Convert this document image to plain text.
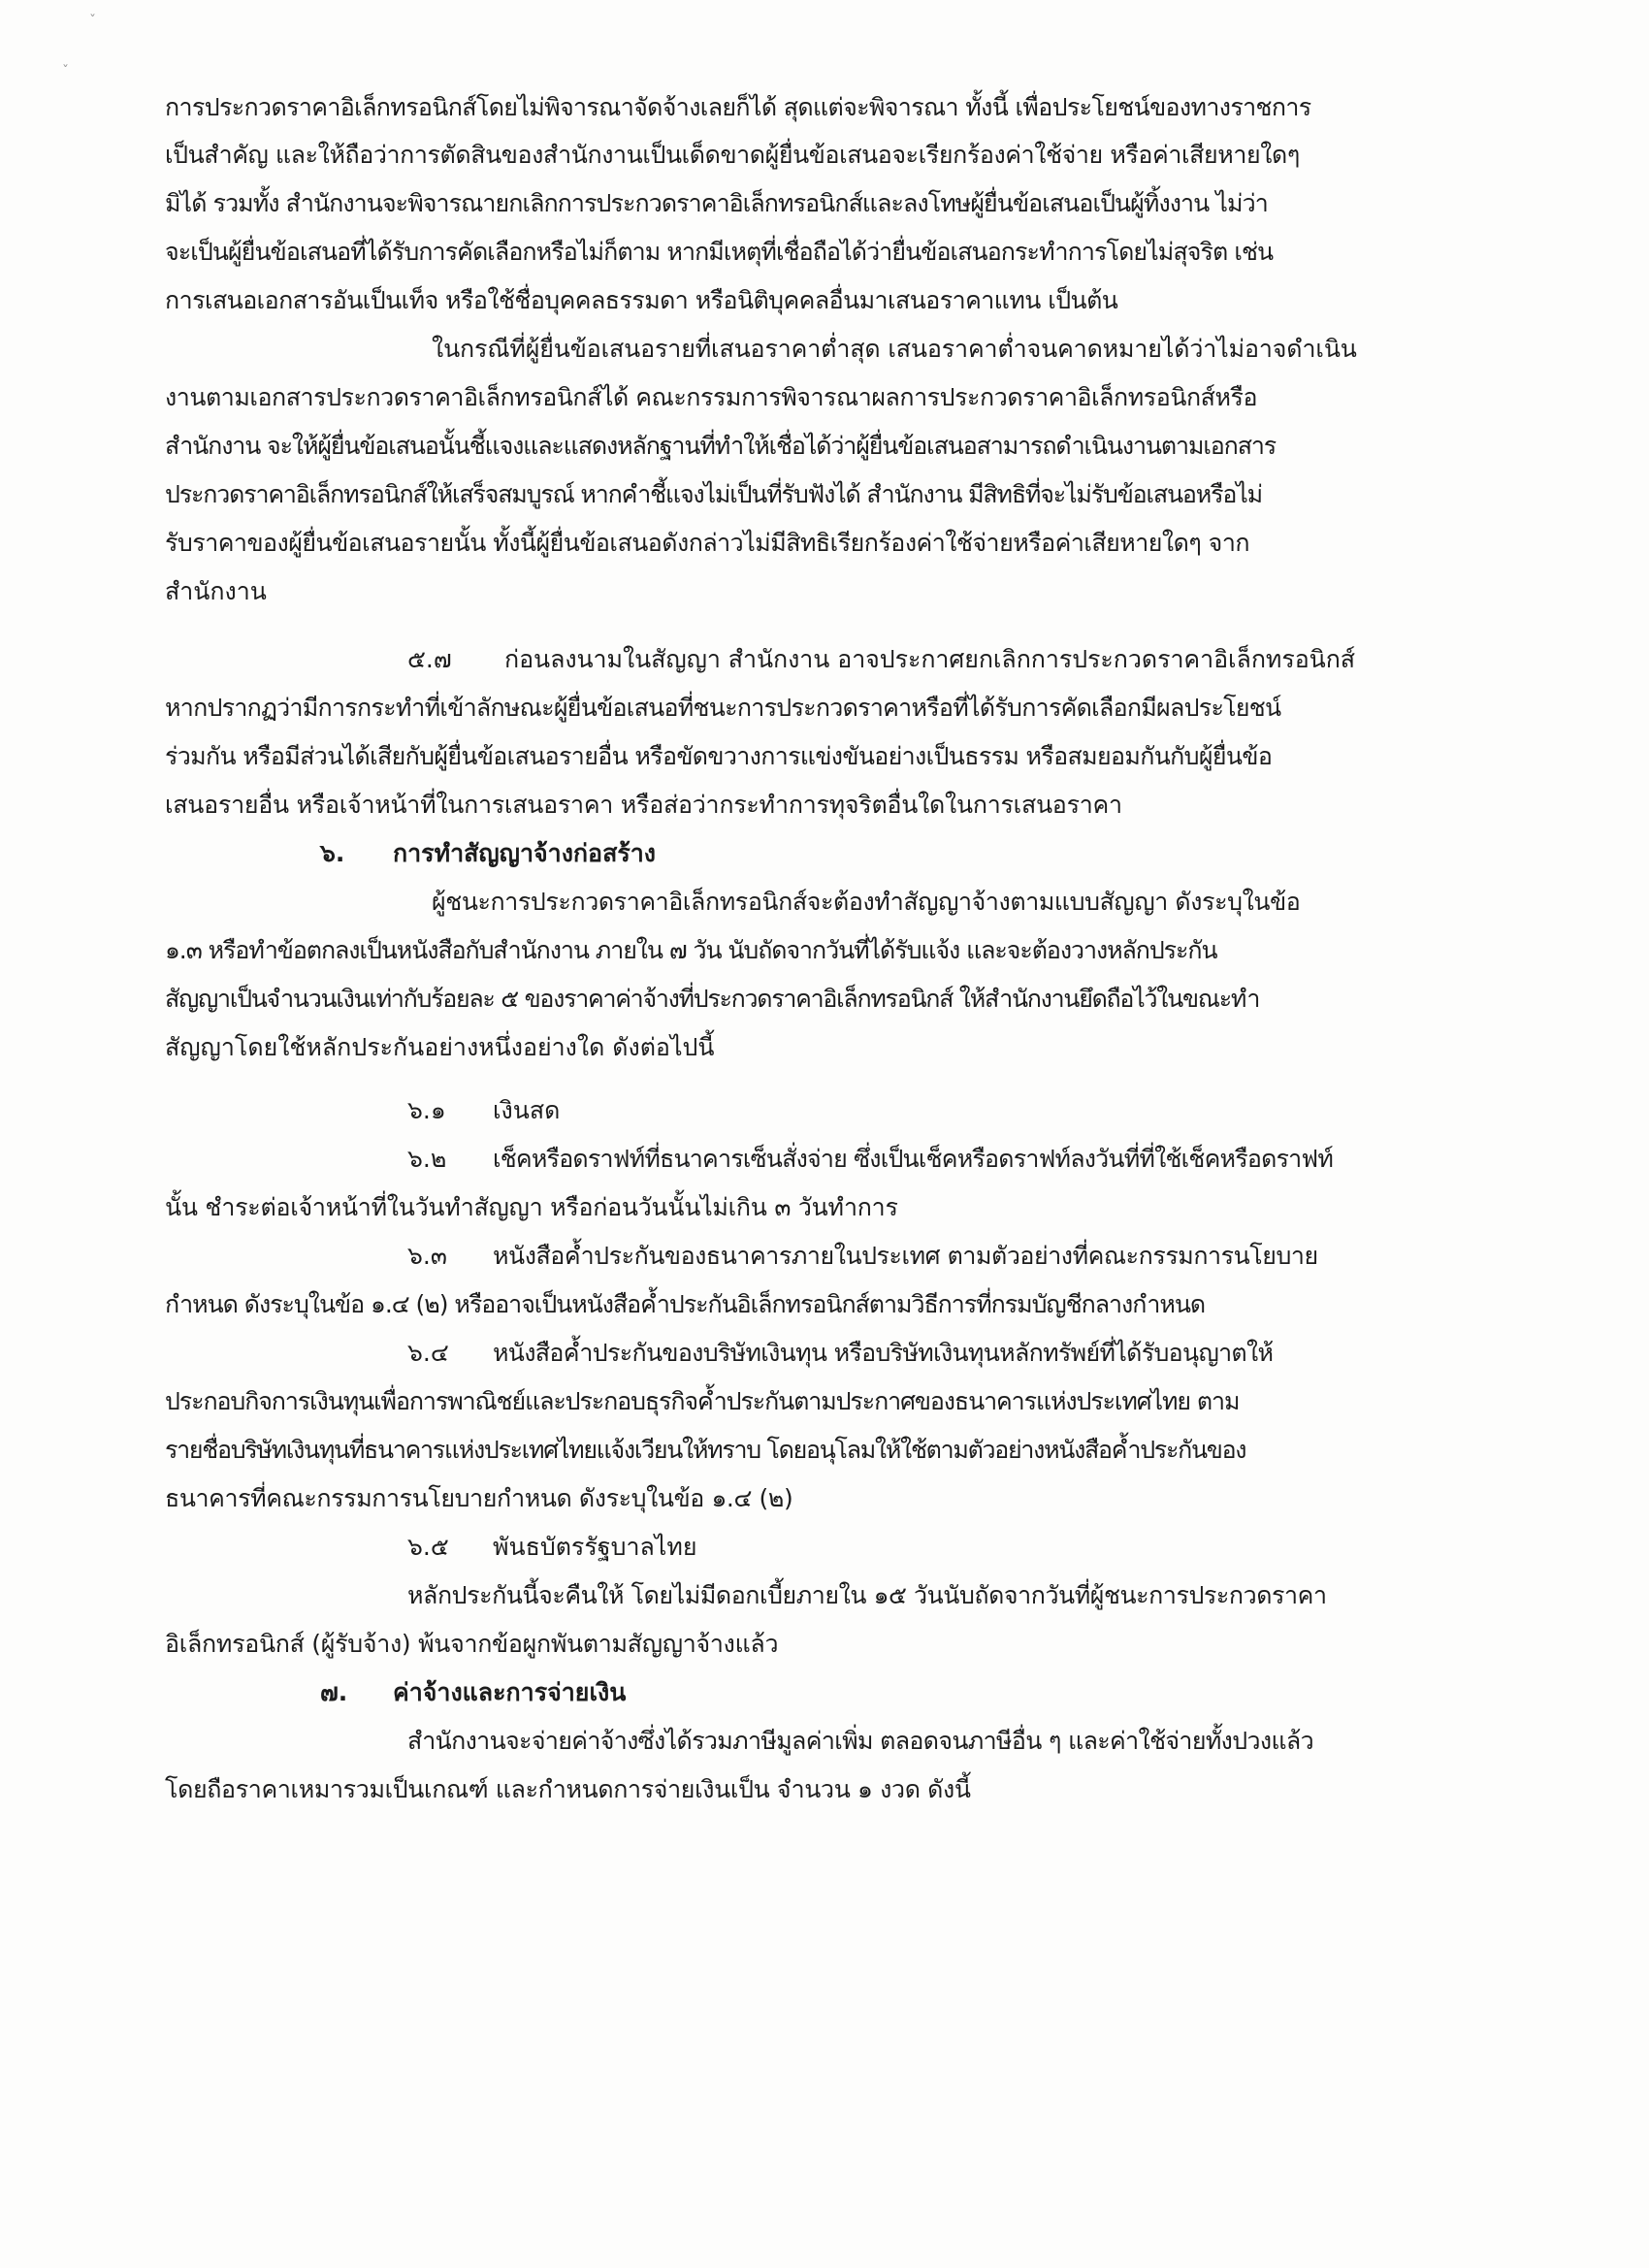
ˇ
ˇ
การประกวดราคาอิเล็กทรอนิกส์โดยไม่พิจารณาจัดจ้างเลยก็ได้ สุดแต่จะพิจารณา ทั้งนี้ เพื่อประโยชน์ของทางราชการ
เป็นสำคัญ และให้ถือว่าการตัดสินของสำนักงานเป็นเด็ดขาดผู้ยื่นข้อเสนอจะเรียกร้องค่าใช้จ่าย หรือค่าเสียหายใดๆ
มิได้ รวมทั้ง สำนักงานจะพิจารณายกเลิกการประกวดราคาอิเล็กทรอนิกส์และลงโทษผู้ยื่นข้อเสนอเป็นผู้ทิ้งงาน ไม่ว่า
จะเป็นผู้ยื่นข้อเสนอที่ได้รับการคัดเลือกหรือไม่ก็ตาม หากมีเหตุที่เชื่อถือได้ว่ายื่นข้อเสนอกระทำการโดยไม่สุจริต เช่น
การเสนอเอกสารอันเป็นเท็จ หรือใช้ชื่อบุคคลธรรมดา หรือนิติบุคคลอื่นมาเสนอราคาแทน เป็นต้น
ในกรณีที่ผู้ยื่นข้อเสนอรายที่เสนอราคาต่ำสุด เสนอราคาต่ำจนคาดหมายได้ว่าไม่อาจดำเนิน
งานตามเอกสารประกวดราคาอิเล็กทรอนิกส์ได้ คณะกรรมการพิจารณาผลการประกวดราคาอิเล็กทรอนิกส์หรือ
สำนักงาน จะให้ผู้ยื่นข้อเสนอนั้นชี้แจงและแสดงหลักฐานที่ทำให้เชื่อได้ว่าผู้ยื่นข้อเสนอสามารถดำเนินงานตามเอกสาร
ประกวดราคาอิเล็กทรอนิกส์ให้เสร็จสมบูรณ์ หากคำชี้แจงไม่เป็นที่รับฟังได้ สำนักงาน มีสิทธิที่จะไม่รับข้อเสนอหรือไม่
รับราคาของผู้ยื่นข้อเสนอรายนั้น ทั้งนี้ผู้ยื่นข้อเสนอดังกล่าวไม่มีสิทธิเรียกร้องค่าใช้จ่ายหรือค่าเสียหายใดๆ จาก
สำนักงาน
๕.๗ ก่อนลงนามในสัญญา สำนักงาน อาจประกาศยกเลิกการประกวดราคาอิเล็กทรอนิกส์
หากปรากฏว่ามีการกระทำที่เข้าลักษณะผู้ยื่นข้อเสนอที่ชนะการประกวดราคาหรือที่ได้รับการคัดเลือกมีผลประโยชน์
ร่วมกัน หรือมีส่วนได้เสียกับผู้ยื่นข้อเสนอรายอื่น หรือขัดขวางการแข่งขันอย่างเป็นธรรม หรือสมยอมกันกับผู้ยื่นข้อ
เสนอรายอื่น หรือเจ้าหน้าที่ในการเสนอราคา หรือส่อว่ากระทำการทุจริตอื่นใดในการเสนอราคา
๖. การทำสัญญาจ้างก่อสร้าง
ผู้ชนะการประกวดราคาอิเล็กทรอนิกส์จะต้องทำสัญญาจ้างตามแบบสัญญา ดังระบุในข้อ
๑.๓ หรือทำข้อตกลงเป็นหนังสือกับสำนักงาน ภายใน ๗ วัน นับถัดจากวันที่ได้รับแจ้ง และจะต้องวางหลักประกัน
สัญญาเป็นจำนวนเงินเท่ากับร้อยละ ๕ ของราคาค่าจ้างที่ประกวดราคาอิเล็กทรอนิกส์ ให้สำนักงานยึดถือไว้ในขณะทำ
สัญญาโดยใช้หลักประกันอย่างหนึ่งอย่างใด ดังต่อไปนี้
๖.๑ เงินสด
๖.๒ เช็คหรือดราฟท์ที่ธนาคารเซ็นสั่งจ่าย ซึ่งเป็นเช็คหรือดราฟท์ลงวันที่ที่ใช้เช็คหรือดราฟท์
นั้น ชำระต่อเจ้าหน้าที่ในวันทำสัญญา หรือก่อนวันนั้นไม่เกิน ๓ วันทำการ
๖.๓ หนังสือค้ำประกันของธนาคารภายในประเทศ ตามตัวอย่างที่คณะกรรมการนโยบาย
กำหนด ดังระบุในข้อ ๑.๔ (๒) หรืออาจเป็นหนังสือค้ำประกันอิเล็กทรอนิกส์ตามวิธีการที่กรมบัญชีกลางกำหนด
๖.๔ หนังสือค้ำประกันของบริษัทเงินทุน หรือบริษัทเงินทุนหลักทรัพย์ที่ได้รับอนุญาตให้
ประกอบกิจการเงินทุนเพื่อการพาณิชย์และประกอบธุรกิจค้ำประกันตามประกาศของธนาคารแห่งประเทศไทย ตาม
รายชื่อบริษัทเงินทุนที่ธนาคารแห่งประเทศไทยแจ้งเวียนให้ทราบ โดยอนุโลมให้ใช้ตามตัวอย่างหนังสือค้ำประกันของ
ธนาคารที่คณะกรรมการนโยบายกำหนด ดังระบุในข้อ ๑.๔ (๒)
๖.๕ พันธบัตรรัฐบาลไทย
หลักประกันนี้จะคืนให้ โดยไม่มีดอกเบี้ยภายใน ๑๕ วันนับถัดจากวันที่ผู้ชนะการประกวดราคา
อิเล็กทรอนิกส์ (ผู้รับจ้าง) พ้นจากข้อผูกพันตามสัญญาจ้างแล้ว
๗. ค่าจ้างและการจ่ายเงิน
สำนักงานจะจ่ายค่าจ้างซึ่งได้รวมภาษีมูลค่าเพิ่ม ตลอดจนภาษีอื่น ๆ และค่าใช้จ่ายทั้งปวงแล้ว
โดยถือราคาเหมารวมเป็นเกณฑ์ และกำหนดการจ่ายเงินเป็น จำนวน ๑ งวด ดังนี้
